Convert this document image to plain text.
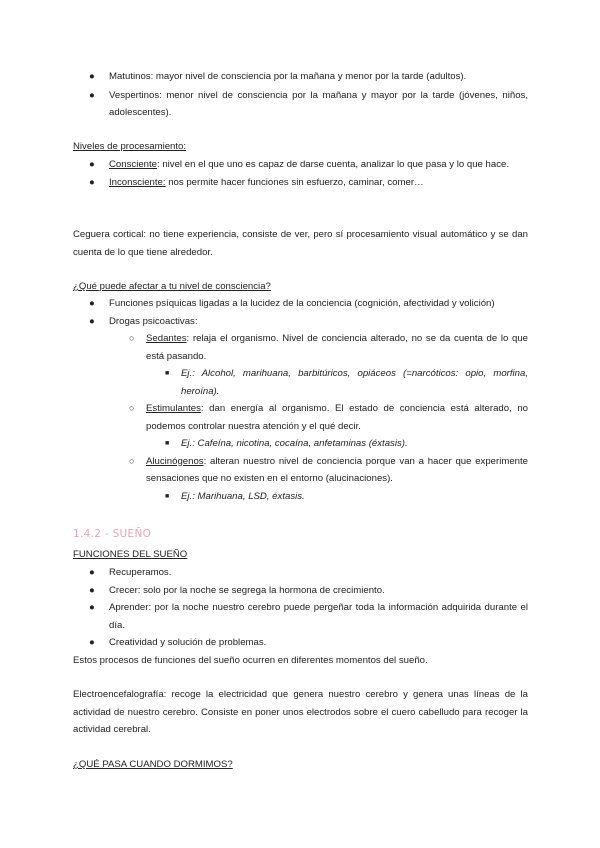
● Matutinos: mayor nivel de consciencia por la mañana y menor por la tarde (adultos).
● Vespertinos: menor nivel de consciencia por la mañana y mayor por la tarde (jóvenes, niños, adolescentes).

Niveles de procesamiento:

● Consciente: nivel en el que uno es capaz de darse cuenta, analizar lo que pasa y lo que hace.
● Inconsciente: nos permite hacer funciones sin esfuerzo, caminar, comer…

Ceguera cortical: no tiene experiencia, consiste de ver, pero sí procesamiento visual automático y se dan cuenta de lo que tiene alrededor.

¿Qué puede afectar a tu nivel de consciencia?

● Funciones psíquicas ligadas a la lucidez de la conciencia (cognición, afectividad y volición)
● Drogas psicoactivas:
○ Sedantes: relaja el organismo. Nivel de conciencia alterado, no se da cuenta de lo que está pasando.
■ Ej.: Alcohol, marihuana, barbitúricos, opiáceos (=narcóticos: opio, morfina, heroína).
○ Estimulantes: dan energía al organismo. El estado de conciencia está alterado, no podemos controlar nuestra atención y el qué decir.
■ Ej.: Cafeína, nicotina, cocaína, anfetaminas (éxtasis).
○ Alucinógenos: alteran nuestro nivel de conciencia porque van a hacer que experimente sensaciones que no existen en el entorno (alucinaciones).
■ Ej.: Marihuana, LSD, éxtasis.
1.4.2 - SUEÑO

FUNCIONES DEL SUEÑO

● Recuperamos.
● Crecer: solo por la noche se segrega la hormona de crecimiento.
● Aprender: por la noche nuestro cerebro puede pergeñar toda la información adquirida durante el día.
● Creatividad y solución de problemas.

Estos procesos de funciones del sueño ocurren en diferentes momentos del sueño.

Electroencefalografía: recoge la electricidad que genera nuestro cerebro y genera unas líneas de la actividad de nuestro cerebro. Consiste en poner unos electrodos sobre el cuero cabelludo para recoger la actividad cerebral.

¿QUÉ PASA CUANDO DORMIMOS?
